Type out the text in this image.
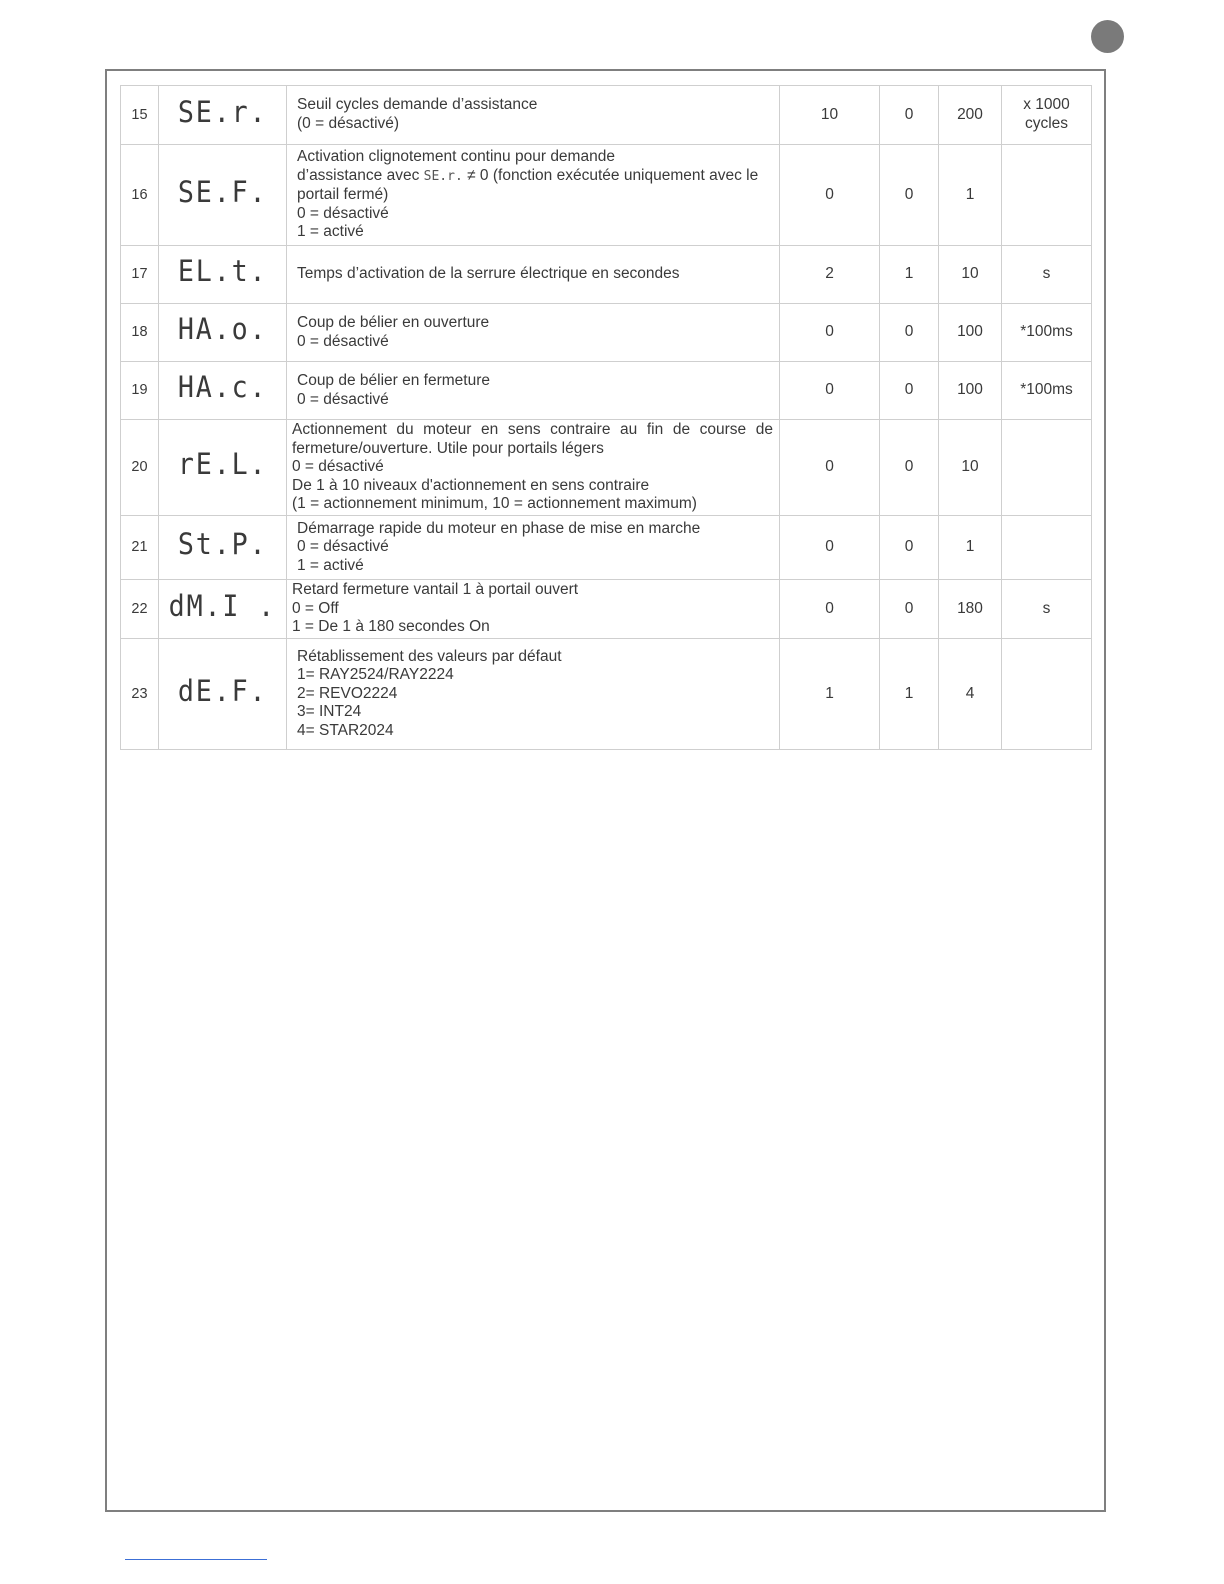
15	SE.r.	Seuil cycles demande d’assistance
(0 = désactivé)	10	0	200	x 1000
cycles

16	SE.F.	Activation clignotement continu pour demande
d’assistance avec SE.r. ≠ 0 (fonction exécutée uniquement avec le
portail fermé)
0 = désactivé
1 = activé	0	0	1	
17	EL.t.	Temps d’activation de la serrure électrique en secondes	2	1	10	s
18	HA.o.	Coup de bélier en ouverture
0 = désactivé	0	0	100	*100ms
19	HA.c.	Coup de bélier en fermeture
0 = désactivé	0	0	100	*100ms
20	rE.L.	Actionnement du moteur en sens contraire au fin de course de fermeture/ouverture. Utile pour portails légers
0 = désactivé
De 1 à 10 niveaux d'actionnement en sens contraire
(1 = actionnement minimum, 10 = actionnement maximum)	0	0	10	
21	St.P.	Démarrage rapide du moteur en phase de mise en marche
0 = désactivé
1 = activé	0	0	1	
22	dM.I .	Retard fermeture vantail 1 à portail ouvert
0 = Off
1 = De 1 à 180 secondes On	0	0	180	s
23	dE.F.	Rétablissement des valeurs par défaut
1= RAY2524/RAY2224
2= REVO2224
3= INT24
4= STAR2024	1	1	4	
